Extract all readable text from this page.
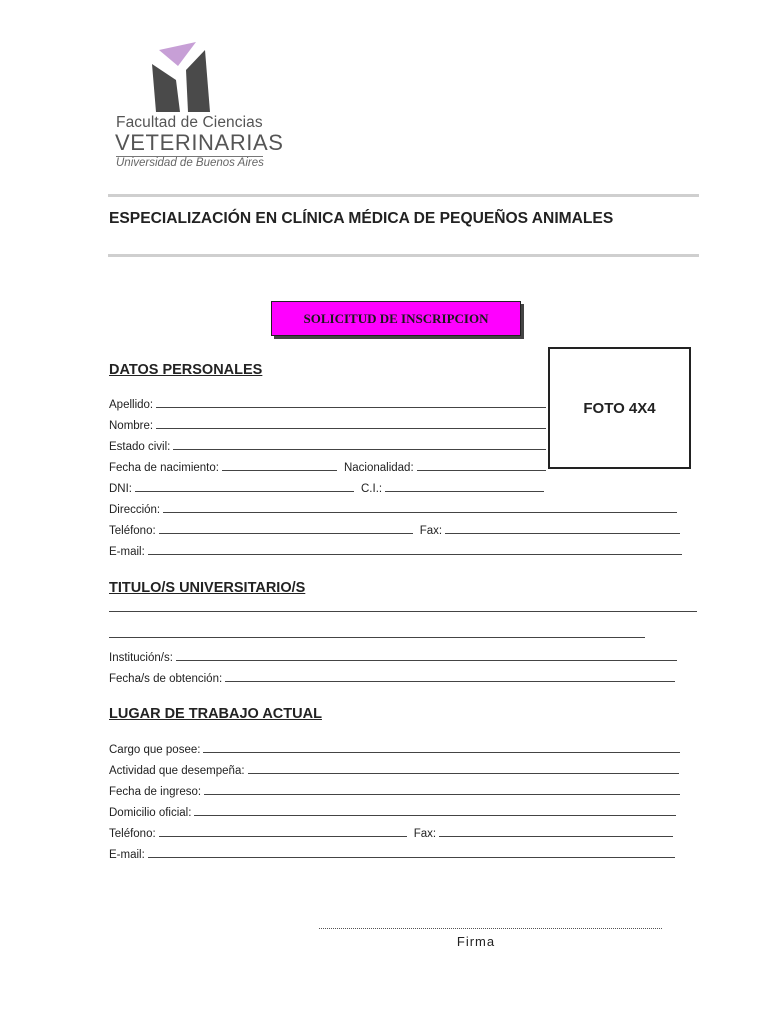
Facultad de Ciencias
VETERINARIAS
Universidad de Buenos Aires
ESPECIALIZACIÓN EN CLÍNICA MÉDICA DE PEQUEÑOS ANIMALES
SOLICITUD DE INSCRIPCION
FOTO 4X4
DATOS PERSONALES
Apellido:
Nombre:
Estado civil:
Fecha de nacimiento:	Nacionalidad:
DNI:	C.I.:
Dirección:
Teléfono:	Fax:
E-mail:
TITULO/S UNIVERSITARIO/S
Institución/s:
Fecha/s de obtención:
LUGAR DE TRABAJO ACTUAL
Cargo que posee:
Actividad que desempeña:
Fecha de ingreso:
Domicilio oficial:
Teléfono:	Fax:
E-mail:
Firma
